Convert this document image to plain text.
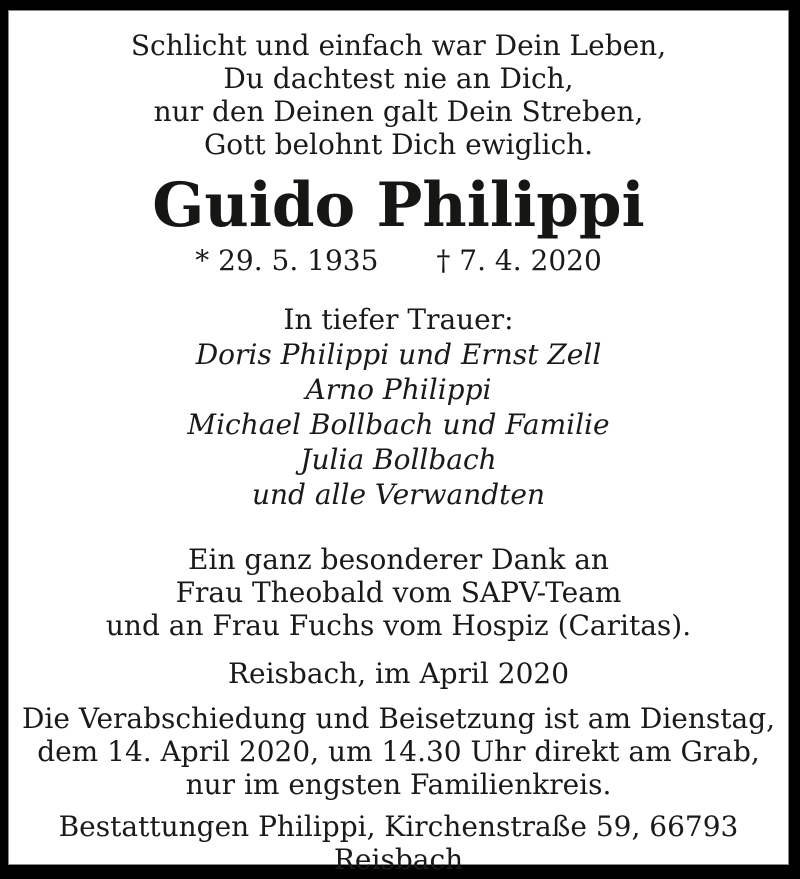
Schlicht und einfach war Dein Leben,
Du dachtest nie an Dich,
nur den Deinen galt Dein Streben,
Gott belohnt Dich ewiglich.
Guido Philippi
* 29. 5. 1935 † 7. 4. 2020
In tiefer Trauer:
Doris Philippi und Ernst Zell
Arno Philippi
Michael Bollbach und Familie
Julia Bollbach
und alle Verwandten
Ein ganz besonderer Dank an
Frau Theobald vom SAPV-Team
und an Frau Fuchs vom Hospiz (Caritas).
Reisbach, im April 2020
Die Verabschiedung und Beisetzung ist am Dienstag,
dem 14. April 2020, um 14.30 Uhr direkt am Grab,
nur im engsten Familienkreis.
Bestattungen Philippi, Kirchenstraße 59, 66793 Reisbach
